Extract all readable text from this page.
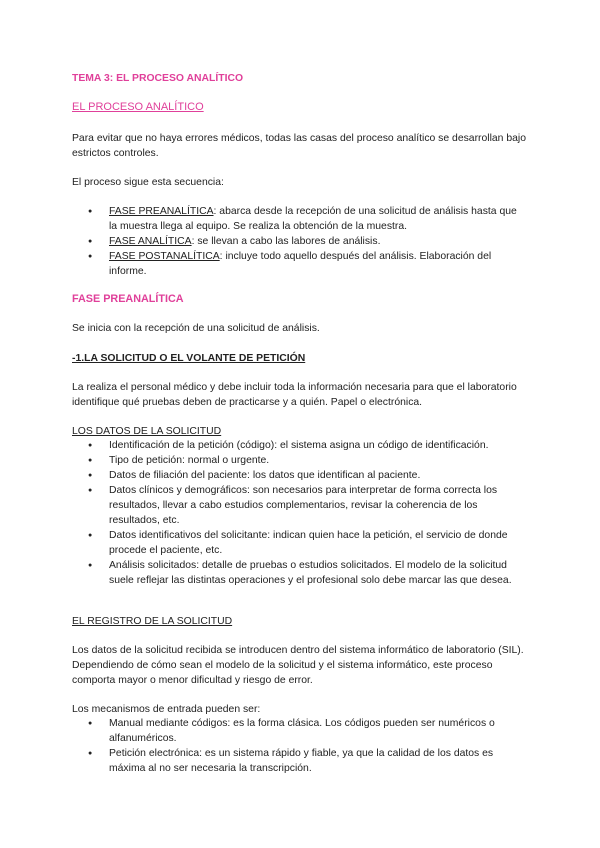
TEMA 3: EL PROCESO ANALÍTICO
EL PROCESO ANALÍTICO

Para evitar que no haya errores médicos, todas las casas del proceso analítico se desarrollan bajo estrictos controles.

El proceso sigue esta secuencia:

● FASE PREANALÍTICA: abarca desde la recepción de una solicitud de análisis hasta que la muestra llega al equipo. Se realiza la obtención de la muestra.
● FASE ANALÍTICA: se llevan a cabo las labores de análisis.
● FASE POSTANALÍTICA: incluye todo aquello después del análisis. Elaboración del informe.
FASE PREANALÍTICA

Se inicia con la recepción de una solicitud de análisis.

-1.LA SOLICITUD O EL VOLANTE DE PETICIÓN

La realiza el personal médico y debe incluir toda la información necesaria para que el laboratorio identifique qué pruebas deben de practicarse y a quién. Papel o electrónica.

LOS DATOS DE LA SOLICITUD
● Identificación de la petición (código): el sistema asigna un código de identificación.
● Tipo de petición: normal o urgente.
● Datos de filiación del paciente: los datos que identifican al paciente.
● Datos clínicos y demográficos: son necesarios para interpretar de forma correcta los resultados, llevar a cabo estudios complementarios, revisar la coherencia de los resultados, etc.
● Datos identificativos del solicitante: indican quien hace la petición, el servicio de donde procede el paciente, etc.
● Análisis solicitados: detalle de pruebas o estudios solicitados. El modelo de la solicitud suele reflejar las distintas operaciones y el profesional solo debe marcar las que desea.
EL REGISTRO DE LA SOLICITUD

Los datos de la solicitud recibida se introducen dentro del sistema informático de laboratorio (SIL). Dependiendo de cómo sean el modelo de la solicitud y el sistema informático, este proceso comporta mayor o menor dificultad y riesgo de error.

Los mecanismos de entrada pueden ser:

● Manual mediante códigos: es la forma clásica. Los códigos pueden ser numéricos o alfanuméricos.
● Petición electrónica: es un sistema rápido y fiable, ya que la calidad de los datos es máxima al no ser necesaria la transcripción.
